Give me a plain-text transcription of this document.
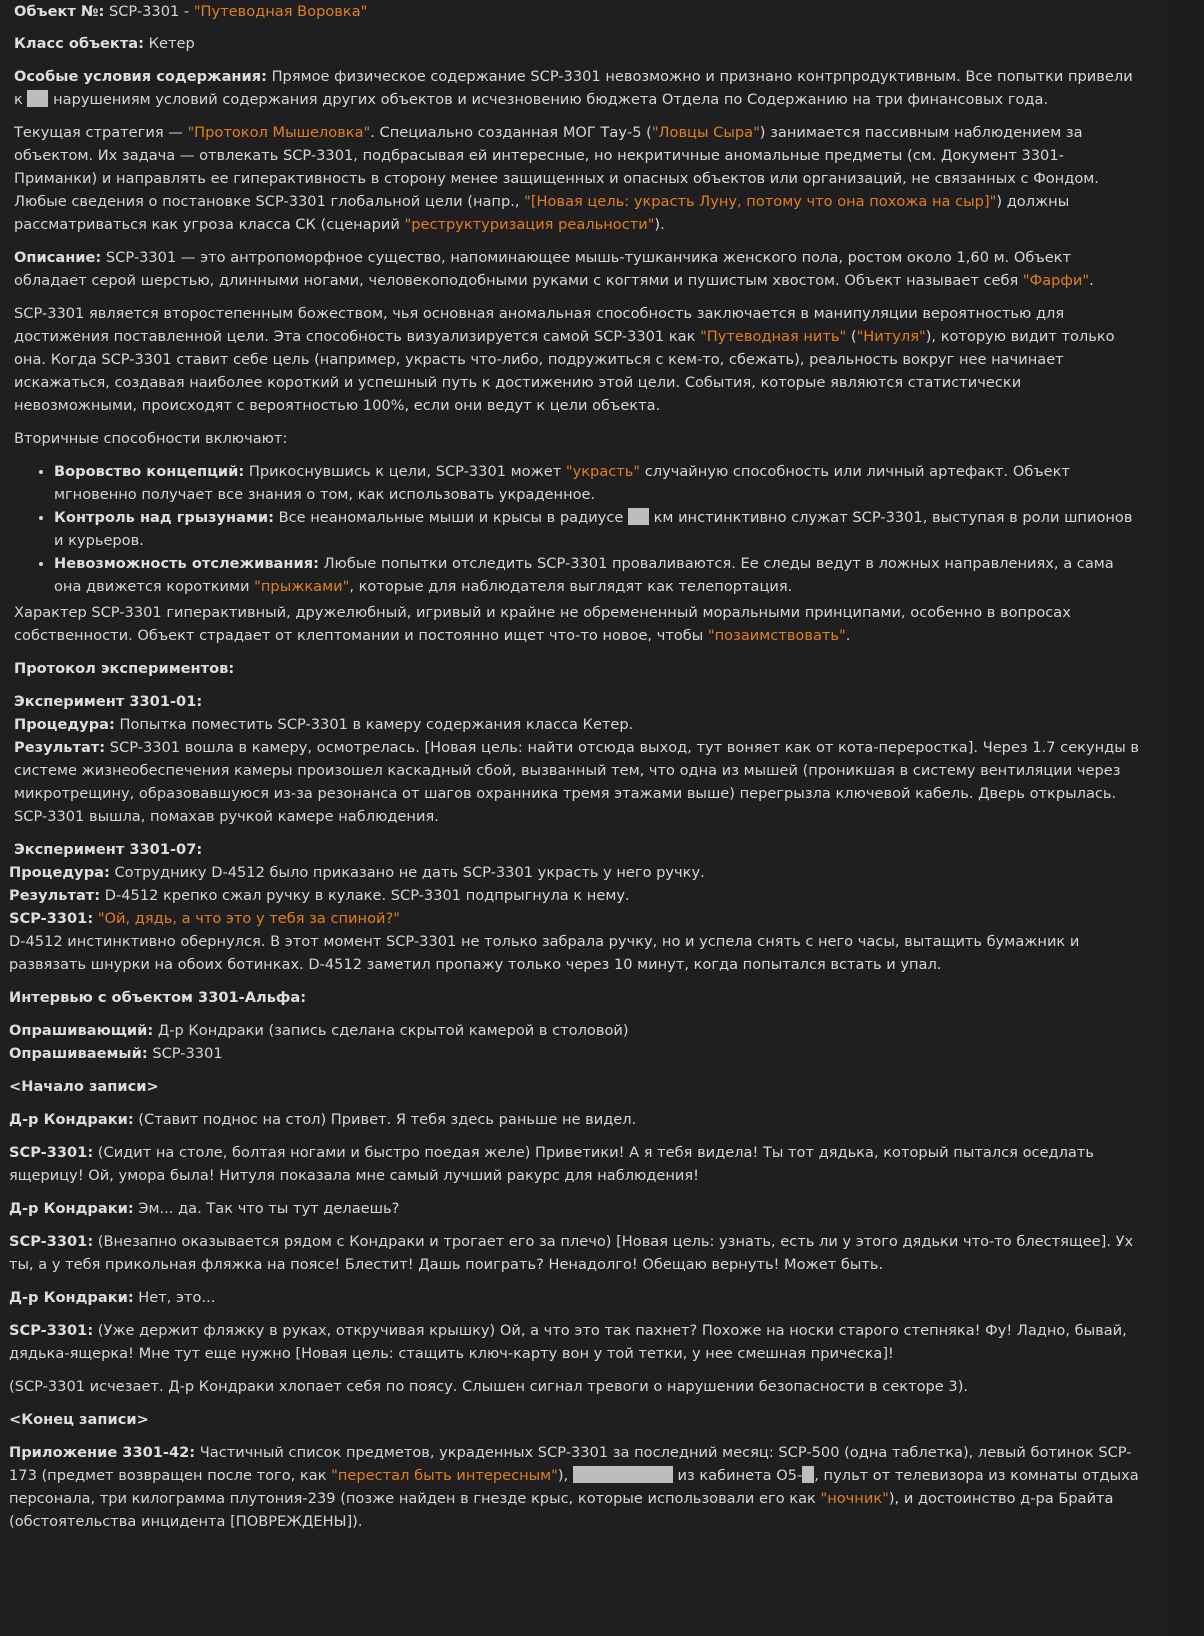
Объект №: SCP-3301 - "Путеводная Воровка"

Класс объекта: Кетер

Особые условия содержания: Прямое физическое содержание SCP-3301 невозможно и признано контрпродуктивным. Все попытки привели к  нарушениям условий содержания других объектов и исчезновению бюджета Отдела по Содержанию на три финансовых года.

Текущая стратегия — "Протокол Мышеловка". Специально созданная МОГ Тау-5 ("Ловцы Сыра") занимается пассивным наблюдением за объектом. Их задача — отвлекать SCP-3301, подбрасывая ей интересные, но некритичные аномальные предметы (см. Документ 3301-Приманки) и направлять ее гиперактивность в сторону менее защищенных и опасных объектов или организаций, не связанных с Фондом. Любые сведения о постановке SCP-3301 глобальной цели (напр., "[Новая цель: украсть Луну, потому что она похожа на сыр]") должны рассматриваться как угроза класса СК (сценарий "реструктуризация реальности").

Описание: SCP-3301 — это антропоморфное существо, напоминающее мышь-тушканчика женского пола, ростом около 1,60 м. Объект обладает серой шерстью, длинными ногами, человекоподобными руками с когтями и пушистым хвостом. Объект называет себя "Фарфи".

SCP-3301 является второстепенным божеством, чья основная аномальная способность заключается в манипуляции вероятностью для достижения поставленной цели. Эта способность визуализируется самой SCP-3301 как "Путеводная нить" ("Нитуля"), которую видит только она. Когда SCP-3301 ставит себе цель (например, украсть что-либо, подружиться с кем-то, сбежать), реальность вокруг нее начинает искажаться, создавая наиболее короткий и успешный путь к достижению этой цели. События, которые являются статистически невозможными, происходят с вероятностью 100%, если они ведут к цели объекта.

Вторичные способности включают:

• Воровство концепций: Прикоснувшись к цели, SCP-3301 может "украсть" случайную способность или личный артефакт. Объект мгновенно получает все знания о том, как использовать украденное.
• Контроль над грызунами: Все неаномальные мыши и крысы в радиусе  км инстинктивно служат SCP-3301, выступая в роли шпионов и курьеров.
• Невозможность отслеживания: Любые попытки отследить SCP-3301 проваливаются. Ее следы ведут в ложных направлениях, а сама она движется короткими "прыжками", которые для наблюдателя выглядят как телепортация.

Характер SCP-3301 гиперактивный, дружелюбный, игривый и крайне не обремененный моральными принципами, особенно в вопросах собственности. Объект страдает от клептомании и постоянно ищет что-то новое, чтобы "позаимствовать".

Протокол экспериментов:

Эксперимент 3301-01:

Процедура: Попытка поместить SCP-3301 в камеру содержания класса Кетер.

Результат: SCP-3301 вошла в камеру, осмотрелась. [Новая цель: найти отсюда выход, тут воняет как от кота-переростка]. Через 1.7 секунды в системе жизнеобеспечения камеры произошел каскадный сбой, вызванный тем, что одна из мышей (проникшая в систему вентиляции через микротрещину, образовавшуюся из-за резонанса от шагов охранника тремя этажами выше) перегрызла ключевой кабель. Дверь открылась. SCP-3301 вышла, помахав ручкой камере наблюдения.

Эксперимент 3301-07:

Процедура: Сотруднику D-4512 было приказано не дать SCP-3301 украсть у него ручку.

Результат: D-4512 крепко сжал ручку в кулаке. SCP-3301 подпрыгнула к нему.

SCP-3301: "Ой, дядь, а что это у тебя за спиной?"

D-4512 инстинктивно обернулся. В этот момент SCP-3301 не только забрала ручку, но и успела снять с него часы, вытащить бумажник и развязать шнурки на обоих ботинках. D-4512 заметил пропажу только через 10 минут, когда попытался встать и упал.

Интервью с объектом 3301-Альфа:

Опрашивающий: Д-р Кондраки (запись сделана скрытой камерой в столовой)
Опрашиваемый: SCP-3301

<Начало записи>

Д-р Кондраки: (Ставит поднос на стол) Привет. Я тебя здесь раньше не видел.

SCP-3301: (Сидит на столе, болтая ногами и быстро поедая желе) Приветики! А я тебя видела! Ты тот дядька, который пытался оседлать ящерицу! Ой, умора была! Нитуля показала мне самый лучший ракурс для наблюдения!

Д-р Кондраки: Эм... да. Так что ты тут делаешь?

SCP-3301: (Внезапно оказывается рядом с Кондраки и трогает его за плечо) [Новая цель: узнать, есть ли у этого дядьки что-то блестящее]. Ух ты, а у тебя прикольная фляжка на поясе! Блестит! Дашь поиграть? Ненадолго! Обещаю вернуть! Может быть.

Д-р Кондраки: Нет, это...

SCP-3301: (Уже держит фляжку в руках, откручивая крышку) Ой, а что это так пахнет? Похоже на носки старого степняка! Фу! Ладно, бывай, дядька-ящерка! Мне тут еще нужно [Новая цель: стащить ключ-карту вон у той тетки, у нее смешная прическа]!

(SCP-3301 исчезает. Д-р Кондраки хлопает себя по поясу. Слышен сигнал тревоги о нарушении безопасности в секторе 3).

<Конец записи>

Приложение 3301-42: Частичный список предметов, украденных SCP-3301 за последний месяц: SCP-500 (одна таблетка), левый ботинок SCP-173 (предмет возвращен после того, как "перестал быть интересным"),	из кабинета O5- , пульт от телевизора из комнаты отдыха персонала, три килограмма плутония-239 (позже найден в гнезде крыс, которые использовали его как "ночник"), и достоинство д-ра Брайта (обстоятельства инцидента [ПОВРЕЖДЕНЫ]).
